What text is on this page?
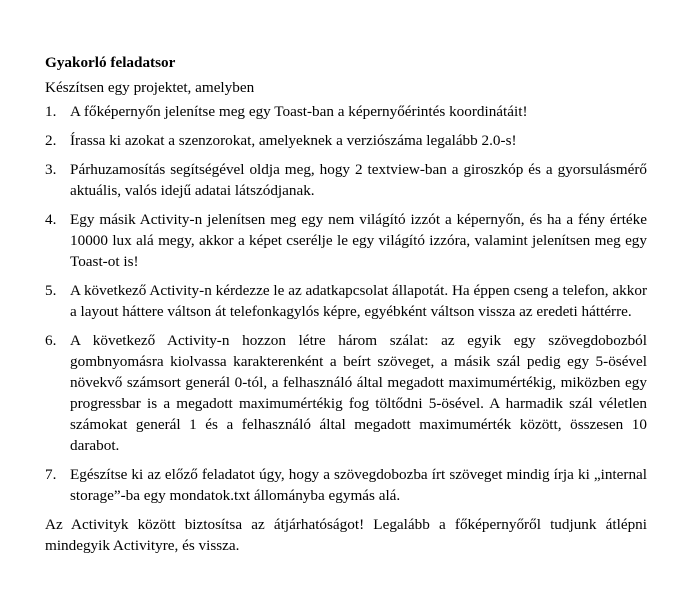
Gyakorló feladatsor
Készítsen egy projektet, amelyben
1. A főképernyőn jelenítse meg egy Toast-ban a képernyőérintés koordinátáit!
2. Írassa ki azokat a szenzorokat, amelyeknek a verziószáma legalább 2.0-s!
3. Párhuzamosítás segítségével oldja meg, hogy 2 textview-ban a giroszkóp és a gyorsulásmérő aktuális, valós idejű adatai látszódjanak.
4. Egy másik Activity-n jelenítsen meg egy nem világító izzót a képernyőn, és ha a fény értéke 10000 lux alá megy, akkor a képet cserélje le egy világító izzóra, valamint jelenítsen meg egy Toast-ot is!
5. A következő Activity-n kérdezze le az adatkapcsolat állapotát. Ha éppen cseng a telefon, akkor a layout háttere váltson át telefonkagylós képre, egyébként váltson vissza az eredeti háttérre.
6. A következő Activity-n hozzon létre három szálat: az egyik egy szövegdobozból gombnyomásra kiolvassa karakterenként a beírt szöveget, a másik szál pedig egy 5-ösével növekvő számsort generál 0-tól, a felhasználó által megadott maximumértékig, miközben egy progressbar is a megadott maximumértékig fog töltődni 5-ösével. A harmadik szál véletlen számokat generál 1 és a felhasználó által megadott maximumérték között, összesen 10 darabot.
7. Egészítse ki az előző feladatot úgy, hogy a szövegdobozba írt szöveget mindig írja ki „internal storage”-ba egy mondatok.txt állományba egymás alá.
Az Activityk között biztosítsa az átjárhatóságot! Legalább a főképernyőről tudjunk átlépni mindegyik Activityre, és vissza.
